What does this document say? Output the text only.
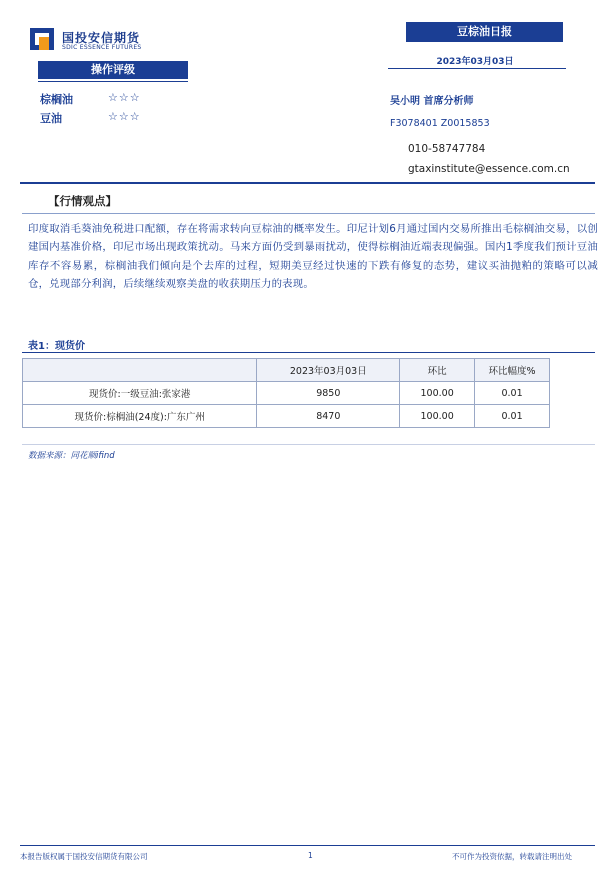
国投安信期货
SDIC ESSENCE FUTURES
豆棕油日报
2023年03月03日
操作评级
棕榈油	☆☆☆
豆油	☆☆☆
吴小明 首席分析师
F3078401 Z0015853
010-58747784
gtaxinstitute@essence.com.cn
【行情观点】
印度取消毛葵油免税进口配额，存在将需求转向豆棕油的概率发生。印尼计划6月通过国内交易所推出毛棕榈油交易，以创建国内基准价格，印尼市场出现政策扰动。马来方面仍受到暴雨扰动，使得棕榈油近端表现偏强。国内1季度我们预计豆油库存不容易累，棕榈油我们倾向是个去库的过程，短期美豆经过快速的下跌有修复的态势，建议买油抛粕的策略可以减仓，兑现部分利润，后续继续观察美盘的收获期压力的表现。
表1：现货价
	2023年03月03日	环比	环比幅度%
现货价:一级豆油:张家港	9850	100.00	0.01
现货价:棕榈油(24度):广东广州	8470	100.00	0.01
数据来源：同花顺ifind
本报告版权属于国投安信期货有限公司	1	不可作为投资依据，转载请注明出处
